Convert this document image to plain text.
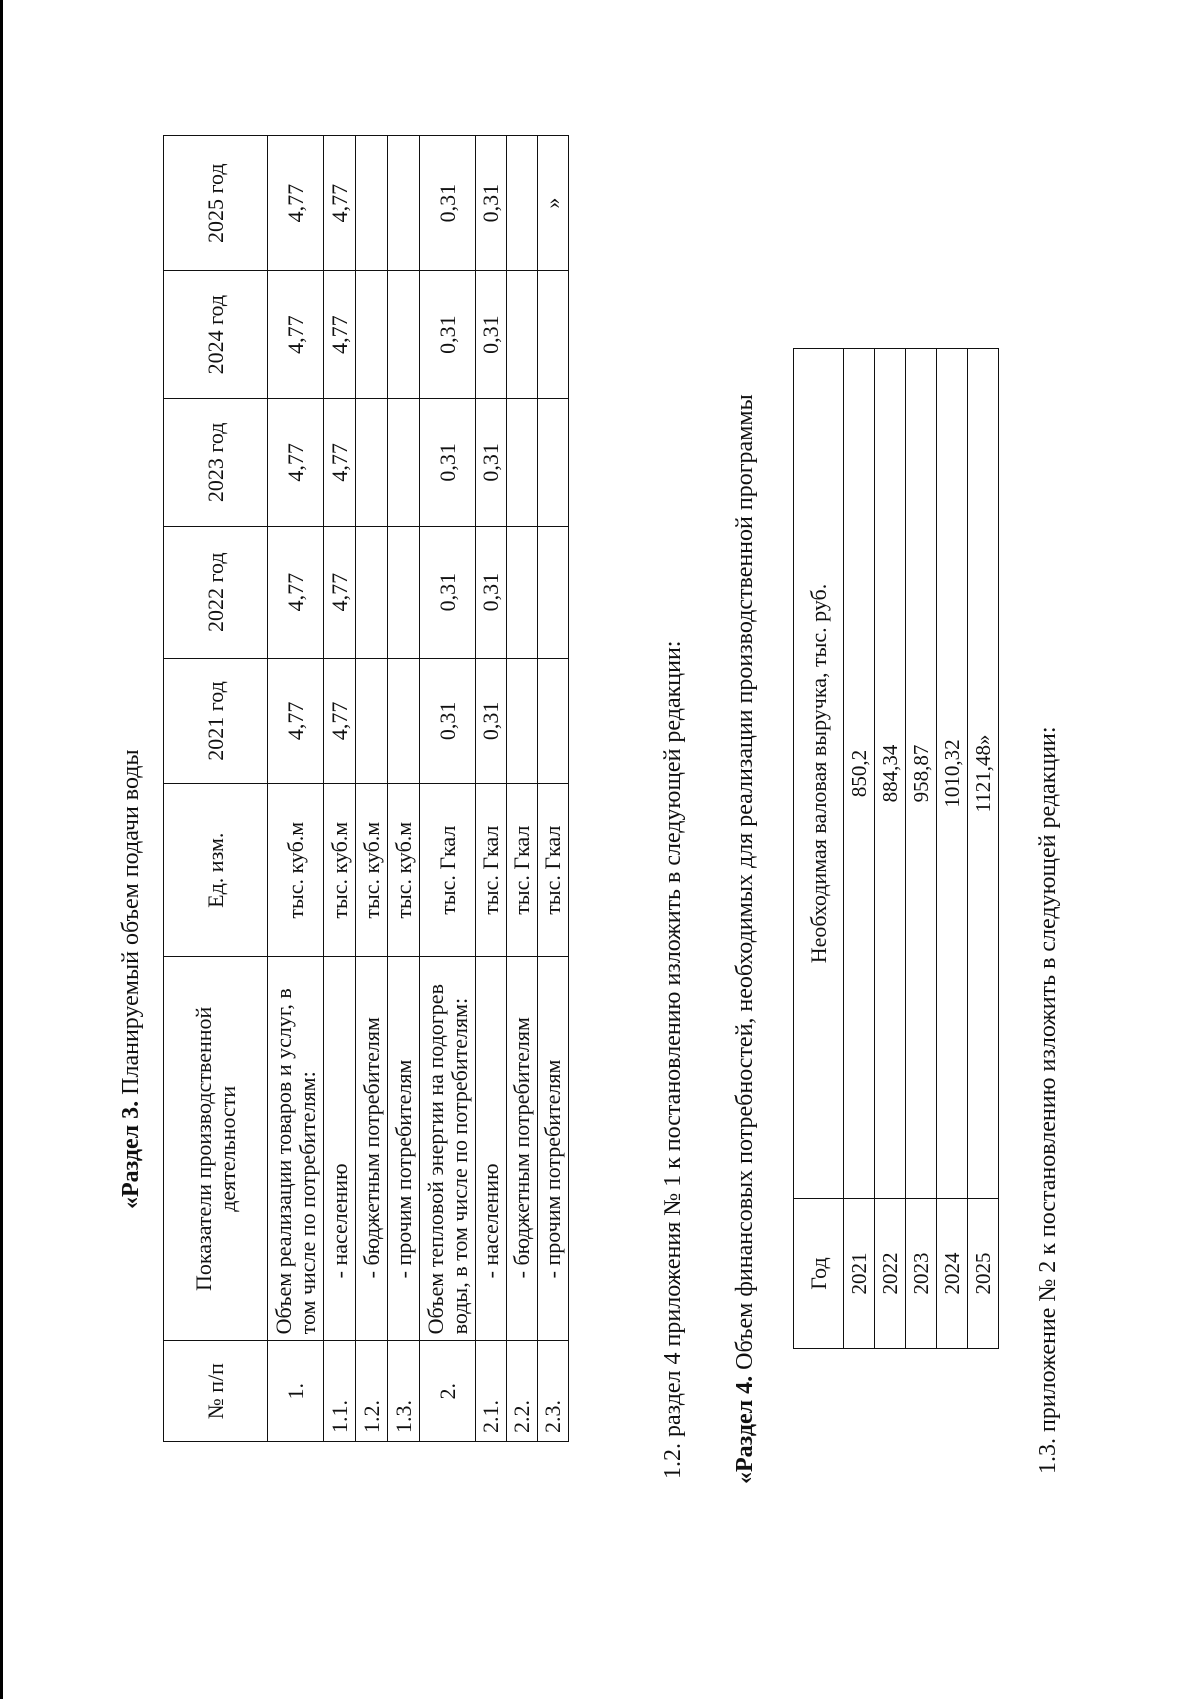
«Раздел 3. Планируемый объем подачи воды
№ п/п	Показатели производственной деятельности	Ед. изм.	2021 год	2022 год	2023 год	2024 год	2025 год
1.	Объем реализации товаров и услуг, в том числе по потребителям:	тыс. куб.м	4,77	4,77	4,77	4,77	4,77
1.1.	- населению	тыс. куб.м	4,77	4,77	4,77	4,77	4,77
1.2.	- бюджетным потребителям	тыс. куб.м					
1.3.	- прочим потребителям	тыс. куб.м					
2.	Объем тепловой энергии на подогрев воды, в том числе по потребителям:	тыс. Гкал	0,31	0,31	0,31	0,31	0,31
2.1.	- населению	тыс. Гкал	0,31	0,31	0,31	0,31	0,31
2.2.	- бюджетным потребителям	тыс. Гкал					
2.3.	- прочим потребителям	тыс. Гкал					»
1.2. раздел 4 приложения № 1 к постановлению изложить в следующей редакции: «Раздел 4. Объем финансовых потребностей, необходимых для реализации производственной программы Год	Необходимая валовая выручка, тыс. руб.
2021	850,2
2022	884,34
2023	958,87
2024	1010,32
2025	1121,48» 1.3. приложение № 2 к постановлению изложить в следующей редакции:
